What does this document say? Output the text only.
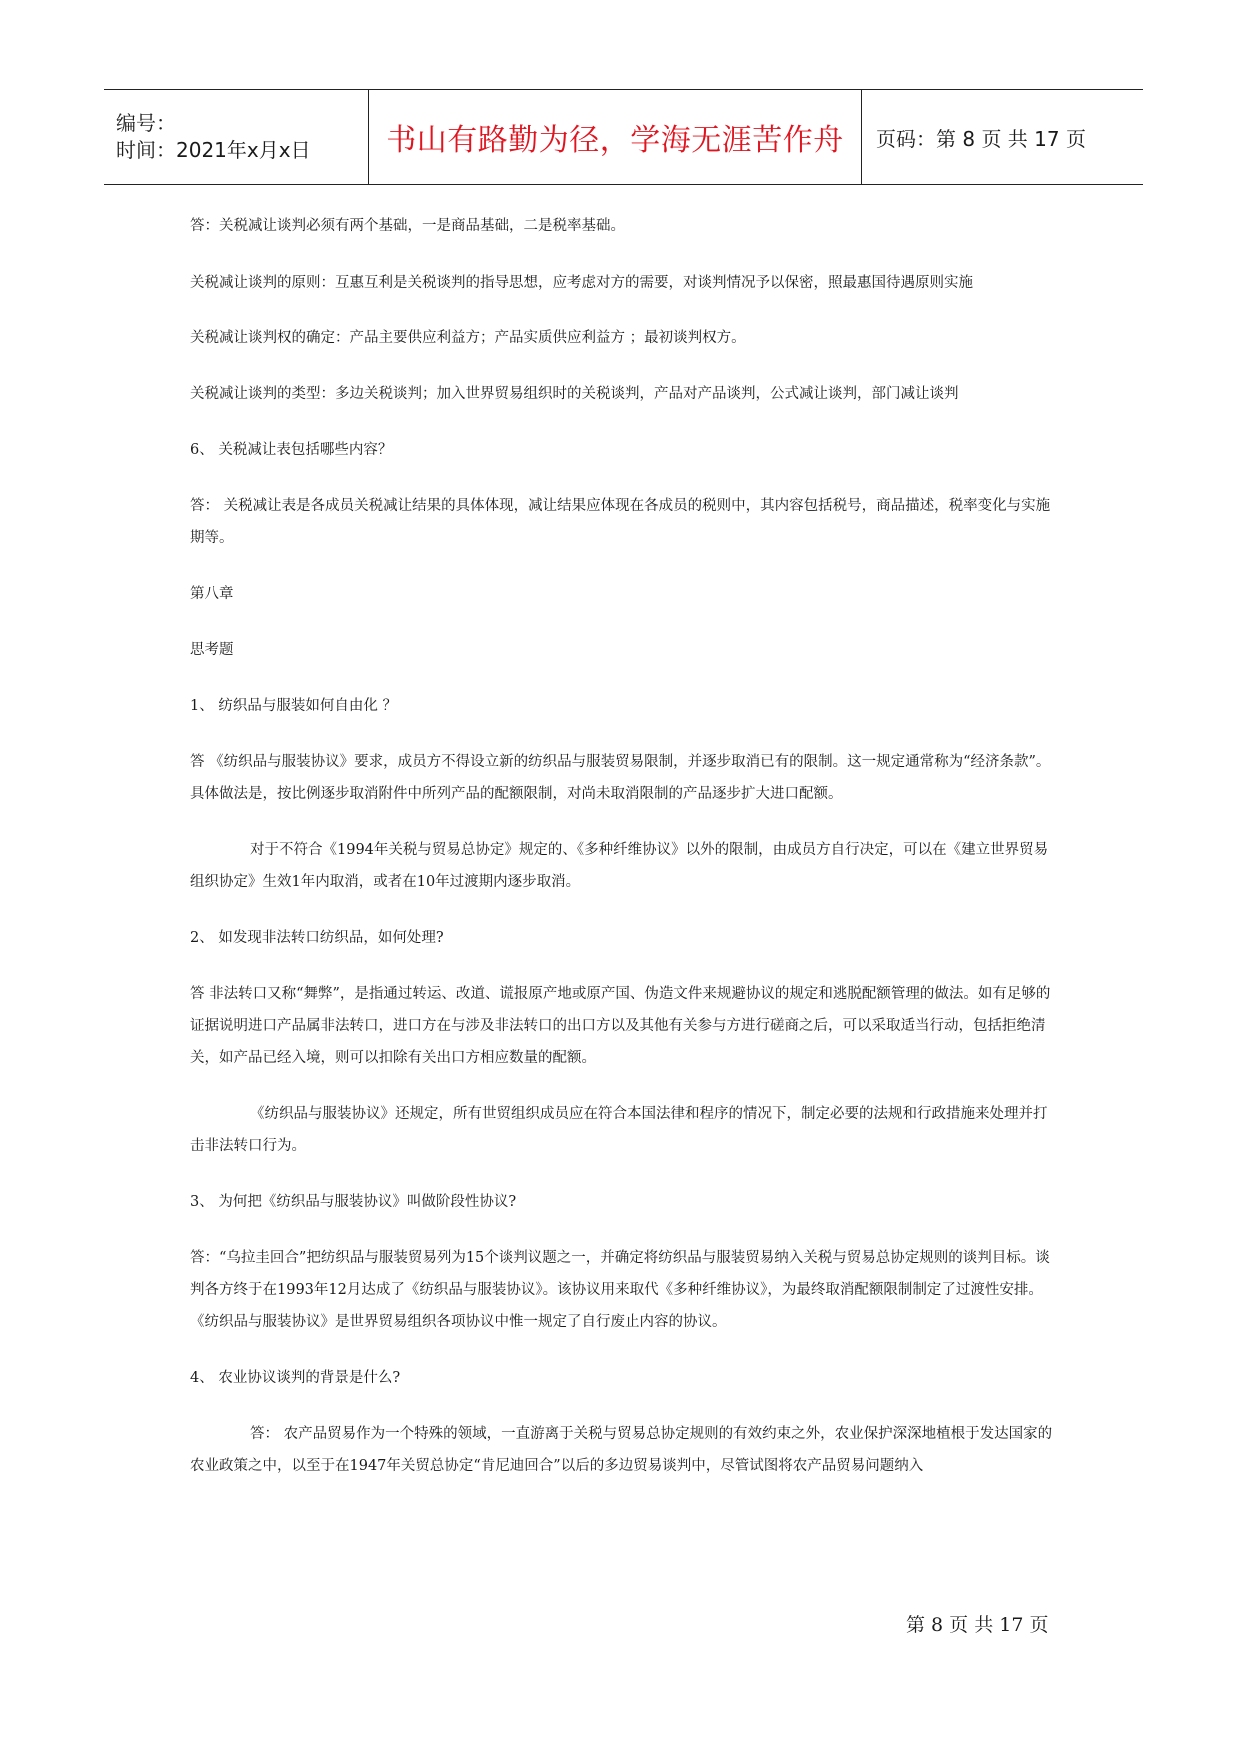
编号：
时间：2021年x月x日	书山有路勤为径，学海无涯苦作舟 页码：第 8 页 共 17 页

答：关税减让谈判必须有两个基础，一是商品基础，二是税率基础。

关税减让谈判的原则：互惠互利是关税谈判的指导思想，应考虑对方的需要，对谈判情况予以保密，照最惠国待遇原则实施

关税减让谈判权的确定：产品主要供应利益方；产品实质供应利益方 ；最初谈判权方。

关税减让谈判的类型：多边关税谈判；加入世界贸易组织时的关税谈判，产品对产品谈判，公式减让谈判，部门减让谈判

6、 关税减让表包括哪些内容？

答： 关税减让表是各成员关税减让结果的具体体现，减让结果应体现在各成员的税则中，其内容包括税号，商品描述，税率变化与实施期等。

第八章

思考题

1、 纺织品与服装如何自由化 ？

答 《纺织品与服装协议》要求，成员方不得设立新的纺织品与服装贸易限制，并逐步取消已有的限制。这一规定通常称为“经济条款”。具体做法是，按比例逐步取消附件中所列产品的配额限制，对尚未取消限制的产品逐步扩大进口配额。

对于不符合《1994年关税与贸易总协定》规定的、《多种纤维协议》以外的限制，由成员方自行决定，可以在《建立世界贸易组织协定》生效1年内取消，或者在10年过渡期内逐步取消。

2、 如发现非法转口纺织品，如何处理?

答 非法转口又称“舞弊”，是指通过转运、改道、谎报原产地或原产国、伪造文件来规避协议的规定和逃脱配额管理的做法。如有足够的证据说明进口产品属非法转口，进口方在与涉及非法转口的出口方以及其他有关参与方进行磋商之后，可以采取适当行动，包括拒绝清关，如产品已经入境，则可以扣除有关出口方相应数量的配额。

《纺织品与服装协议》还规定，所有世贸组织成员应在符合本国法律和程序的情况下，制定必要的法规和行政措施来处理并打击非法转口行为。

3、 为何把《纺织品与服装协议》叫做阶段性协议?

答：“乌拉圭回合”把纺织品与服装贸易列为15个谈判议题之一，并确定将纺织品与服装贸易纳入关税与贸易总协定规则的谈判目标。谈判各方终于在1993年12月达成了《纺织品与服装协议》。该协议用来取代《多种纤维协议》，为最终取消配额限制制定了过渡性安排。《纺织品与服装协议》是世界贸易组织各项协议中惟一规定了自行废止内容的协议。

4、 农业协议谈判的背景是什么?

答： 农产品贸易作为一个特殊的领域，一直游离于关税与贸易总协定规则的有效约束之外，农业保护深深地植根于发达国家的农业政策之中，以至于在1947年关贸总协定“肯尼迪回合”以后的多边贸易谈判中，尽管试图将农产品贸易问题纳入

第 8 页 共 17 页
